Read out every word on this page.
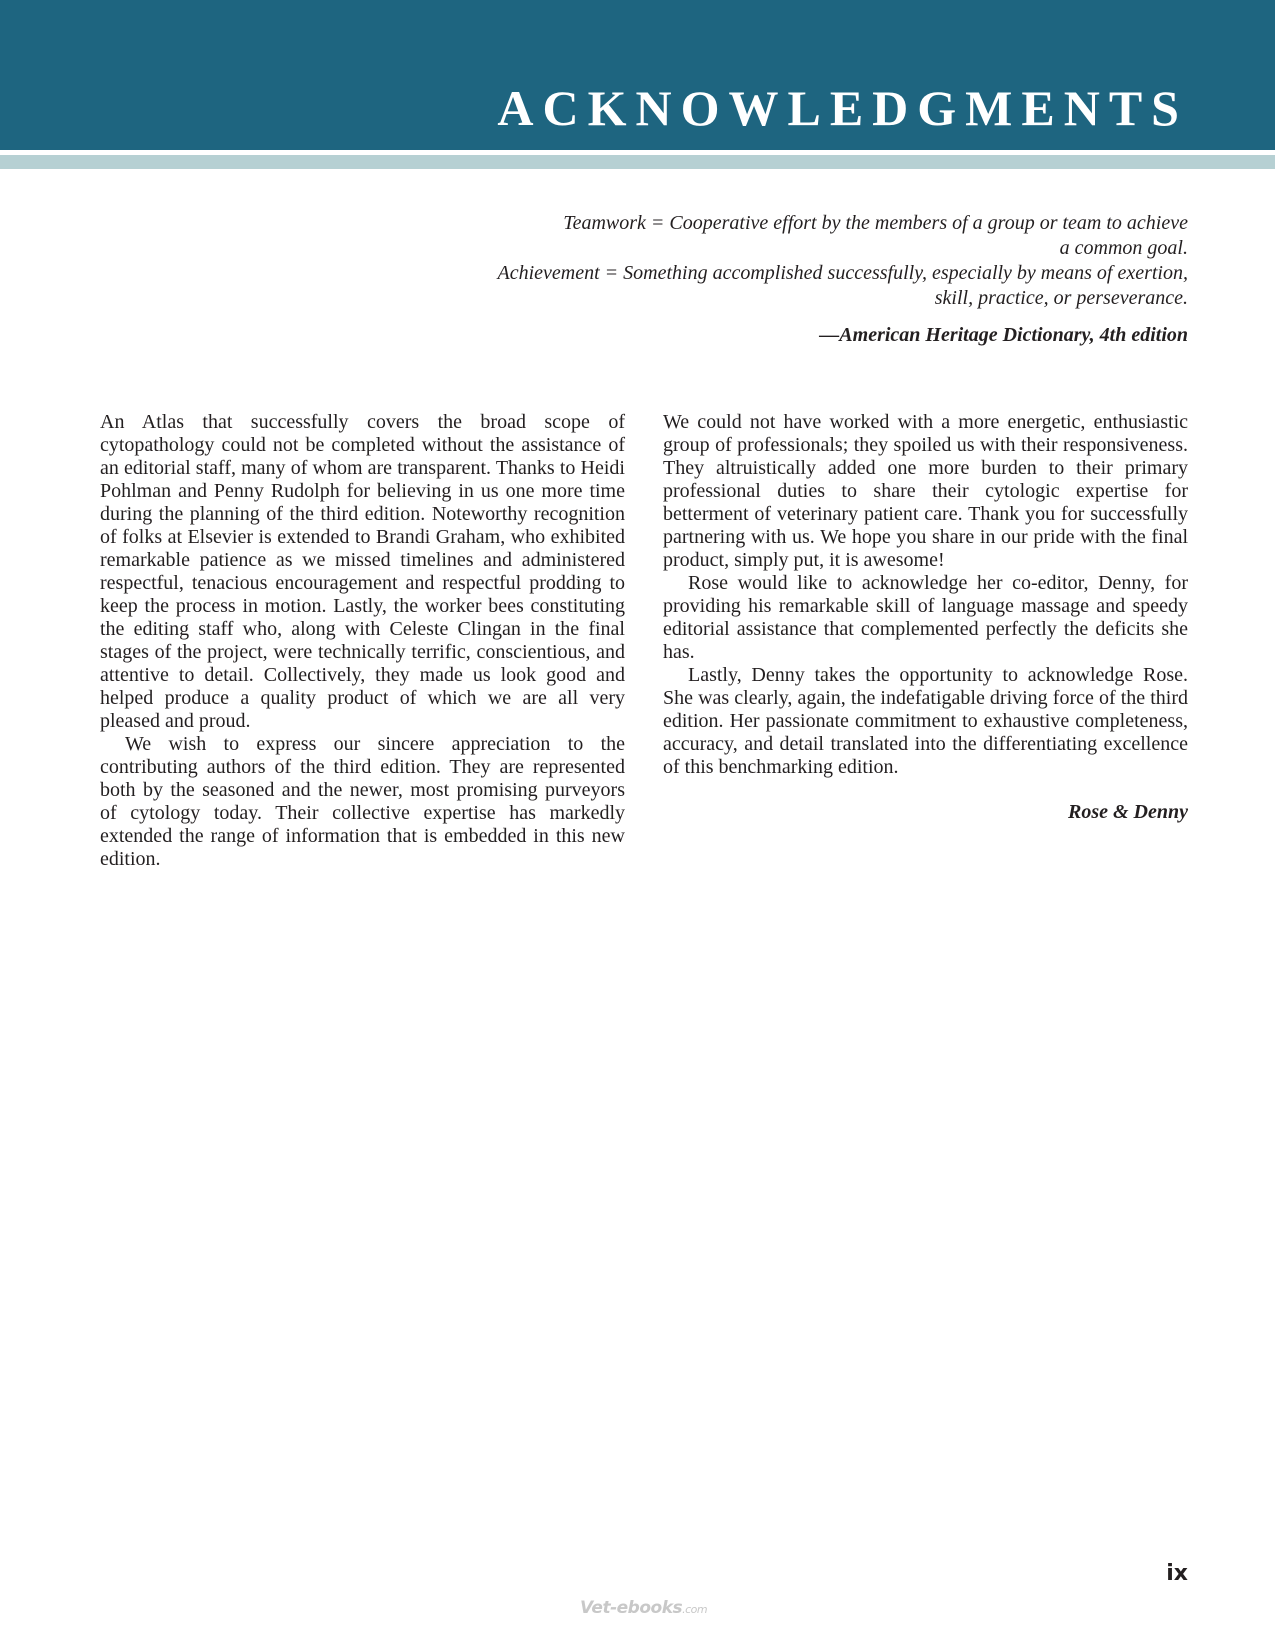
ACKNOWLEDGMENTS

Teamwork = Cooperative effort by the members of a group or team to achieve

a common goal.

Achievement = Something accomplished successfully, especially by means of exertion,

skill, practice, or perseverance.

—American Heritage Dictionary, 4th edition

An Atlas that successfully covers the broad scope of cytopathology could not be completed without the assistance of an editorial staff, many of whom are transparent. Thanks to Heidi Pohlman and Penny Rudolph for believing in us one more time during the planning of the third edition. Noteworthy recognition of folks at Elsevier is extended to Brandi Graham, who exhibited remarkable patience as we missed timelines and administered respectful, tenacious encouragement and respectful prodding to keep the process in motion. Lastly, the worker bees constituting the editing staff who, along with Celeste Clingan in the final stages of the project, were technically terrific, conscientious, and attentive to detail. Collectively, they made us look good and helped produce a quality product of which we are all very pleased and proud.

We wish to express our sincere appreciation to the contributing authors of the third edition. They are represented both by the seasoned and the newer, most promising purveyors of cytology today. Their collective expertise has markedly extended the range of information that is embedded in this new edition.

We could not have worked with a more energetic, enthusiastic group of professionals; they spoiled us with their responsiveness. They altruistically added one more burden to their primary professional duties to share their cytologic expertise for betterment of veterinary patient care. Thank you for successfully partnering with us. We hope you share in our pride with the final product, simply put, it is awesome!

Rose would like to acknowledge her co-editor, Denny, for providing his remarkable skill of language massage and speedy editorial assistance that complemented perfectly the deficits she has.

Lastly, Denny takes the opportunity to acknowledge Rose. She was clearly, again, the indefatigable driving force of the third edition. Her passionate commitment to exhaustive completeness, accuracy, and detail translated into the differentiating excellence of this benchmarking edition.

Rose & Denny

ix
Vet-ebooks.com
